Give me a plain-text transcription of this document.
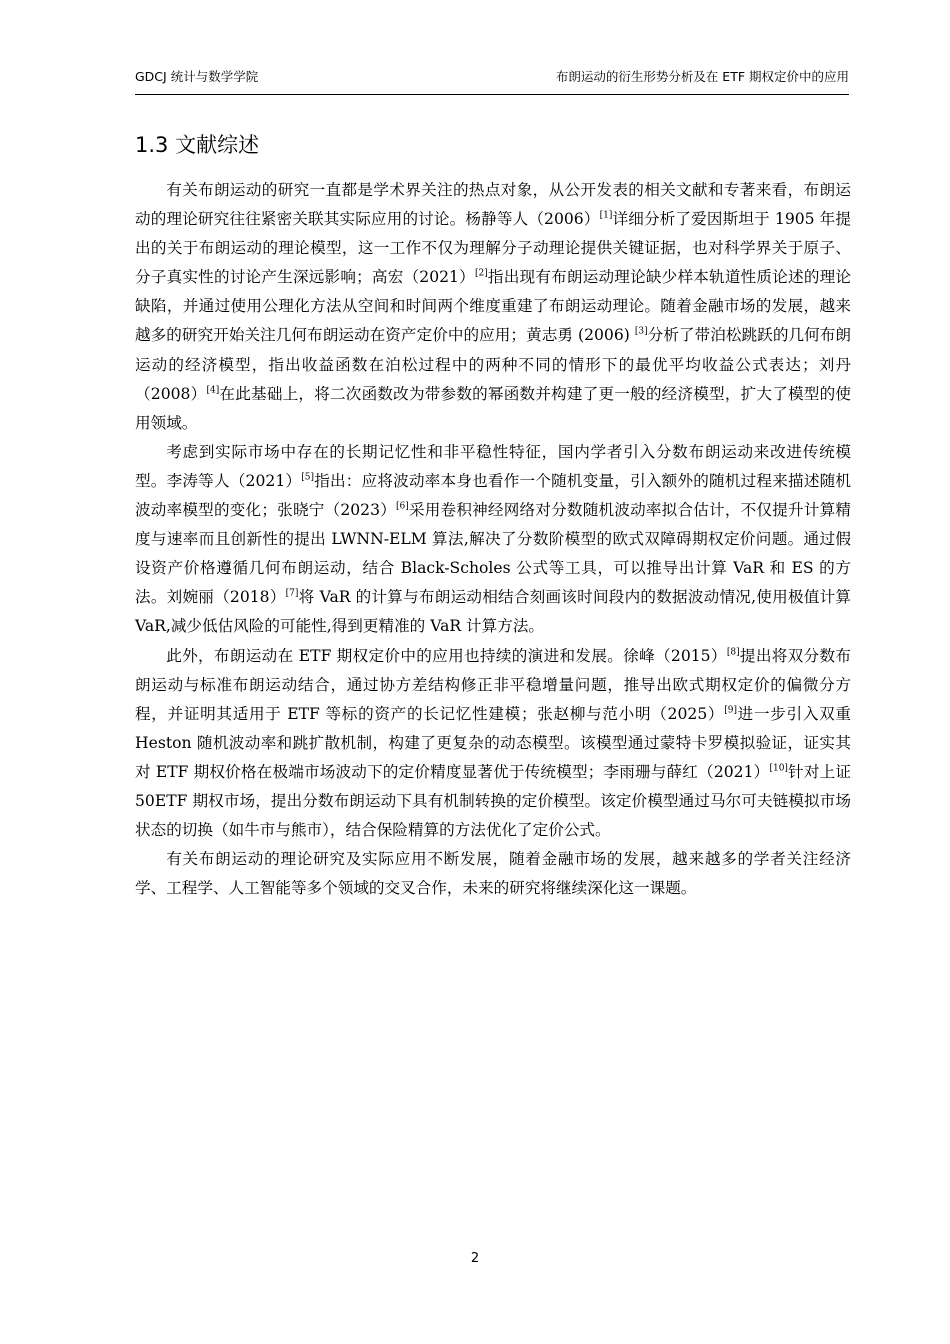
GDCJ 统计与数学学院	布朗运动的衍生形势分析及在 ETF 期权定价中的应用
1.3 文献综述

有关布朗运动的研究一直都是学术界关注的热点对象，从公开发表的相关文献和专著来看，布朗运动的理论研究往往紧密关联其实际应用的讨论。杨静等人（2006）[1]详细分析了爱因斯坦于 1905 年提出的关于布朗运动的理论模型，这一工作不仅为理解分子动理论提供关键证据，也对科学界关于原子、分子真实性的讨论产生深远影响；高宏（2021）[2]指出现有布朗运动理论缺少样本轨道性质论述的理论缺陷，并通过使用公理化方法从空间和时间两个维度重建了布朗运动理论。随着金融市场的发展，越来越多的研究开始关注几何布朗运动在资产定价中的应用；黄志勇 (2006) [3]分析了带泊松跳跃的几何布朗运动的经济模型，指出收益函数在泊松过程中的两种不同的情形下的最优平均收益公式表达；刘丹（2008）[4]在此基础上，将二次函数改为带参数的幂函数并构建了更一般的经济模型，扩大了模型的使用领域。

考虑到实际市场中存在的长期记忆性和非平稳性特征，国内学者引入分数布朗运动来改进传统模型。李涛等人（2021）[5]指出：应将波动率本身也看作一个随机变量，引入额外的随机过程来描述随机波动率模型的变化；张晓宁（2023）[6]采用卷积神经网络对分数随机波动率拟合估计，不仅提升计算精度与速率而且创新性的提出 LWNN-ELM 算法,解决了分数阶模型的欧式双障碍期权定价问题。通过假设资产价格遵循几何布朗运动，结合 Black-Scholes 公式等工具，可以推导出计算 VaR 和 ES 的方法。刘婉丽（2018）[7]将 VaR 的计算与布朗运动相结合刻画该时间段内的数据波动情况,使用极值计算 VaR,减少低估风险的可能性,得到更精准的 VaR 计算方法。

此外，布朗运动在 ETF 期权定价中的应用也持续的演进和发展。徐峰（2015）[8]提出将双分数布朗运动与标准布朗运动结合，通过协方差结构修正非平稳增量问题，推导出欧式期权定价的偏微分方程，并证明其适用于 ETF 等标的资产的长记忆性建模；张赵柳与范小明（2025）[9]进一步引入双重 Heston 随机波动率和跳扩散机制，构建了更复杂的动态模型。该模型通过蒙特卡罗模拟验证，证实其对 ETF 期权价格在极端市场波动下的定价精度显著优于传统模型；李雨珊与薛红（2021）[10]针对上证 50ETF 期权市场，提出分数布朗运动下具有机制转换的定价模型。该定价模型通过马尔可夫链模拟市场状态的切换（如牛市与熊市），结合保险精算的方法优化了定价公式。

有关布朗运动的理论研究及实际应用不断发展，随着金融市场的发展，越来越多的学者关注经济学、工程学、人工智能等多个领域的交叉合作，未来的研究将继续深化这一课题。

2
